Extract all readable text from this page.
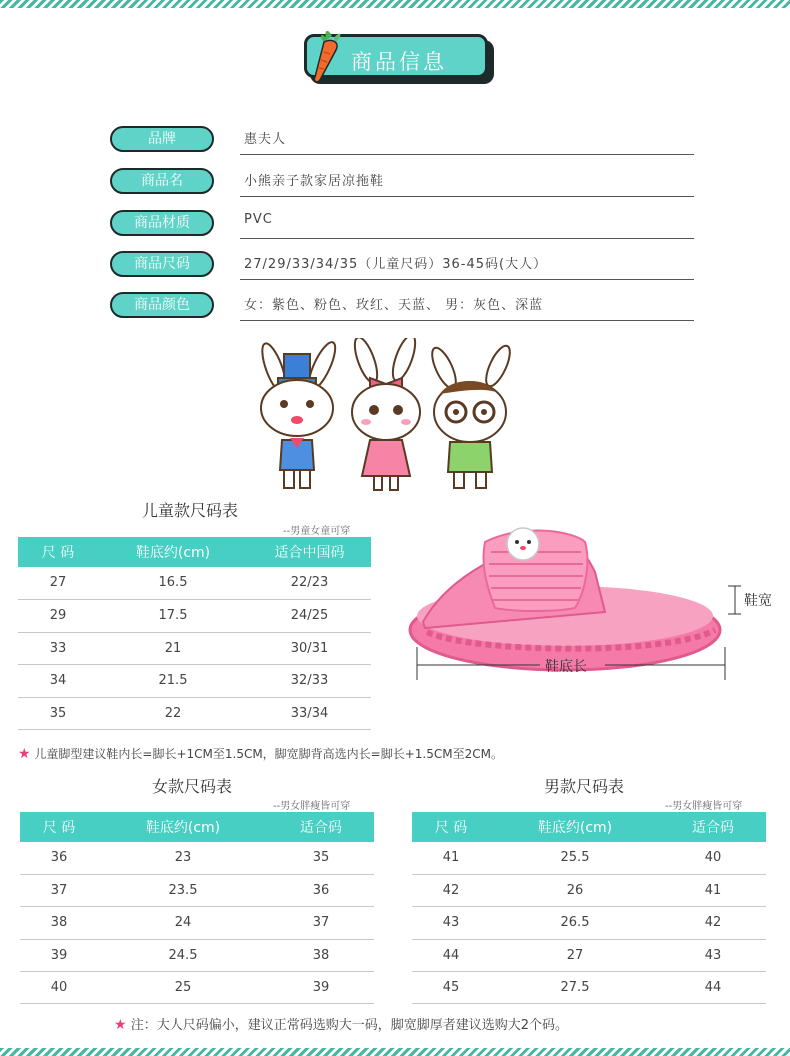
商品信息
品牌	惠夫人
商品名	小熊亲子款家居凉拖鞋
商品材质	PVC
商品尺码	27/29/33/34/35（儿童尺码）36-45码(大人）
商品颜色	女：紫色、粉色、玫红、天蓝、 男：灰色、深蓝
儿童款尺码表
--男童女童可穿
尺 码	鞋底约(cm)	适合中国码
27	16.5	22/23
29	17.5	24/25
33	21	30/31
34	21.5	32/33
35	22	33/34
鞋宽
鞋底长
★ 儿童脚型建议鞋内长=脚长+1CM至1.5CM，脚宽脚背高选内长=脚长+1.5CM至2CM。
女款尺码表
--男女胖瘦皆可穿
尺 码	鞋底约(cm)	适合码
36	23	35
37	23.5	36
38	24	37
39	24.5	38
40	25	39
男款尺码表
--男女胖瘦皆可穿
尺 码	鞋底约(cm)	适合码
41	25.5	40
42	26	41
43	26.5	42
44	27	43
45	27.5	44
★ 注：大人尺码偏小，建议正常码选购大一码，脚宽脚厚者建议选购大2个码。
